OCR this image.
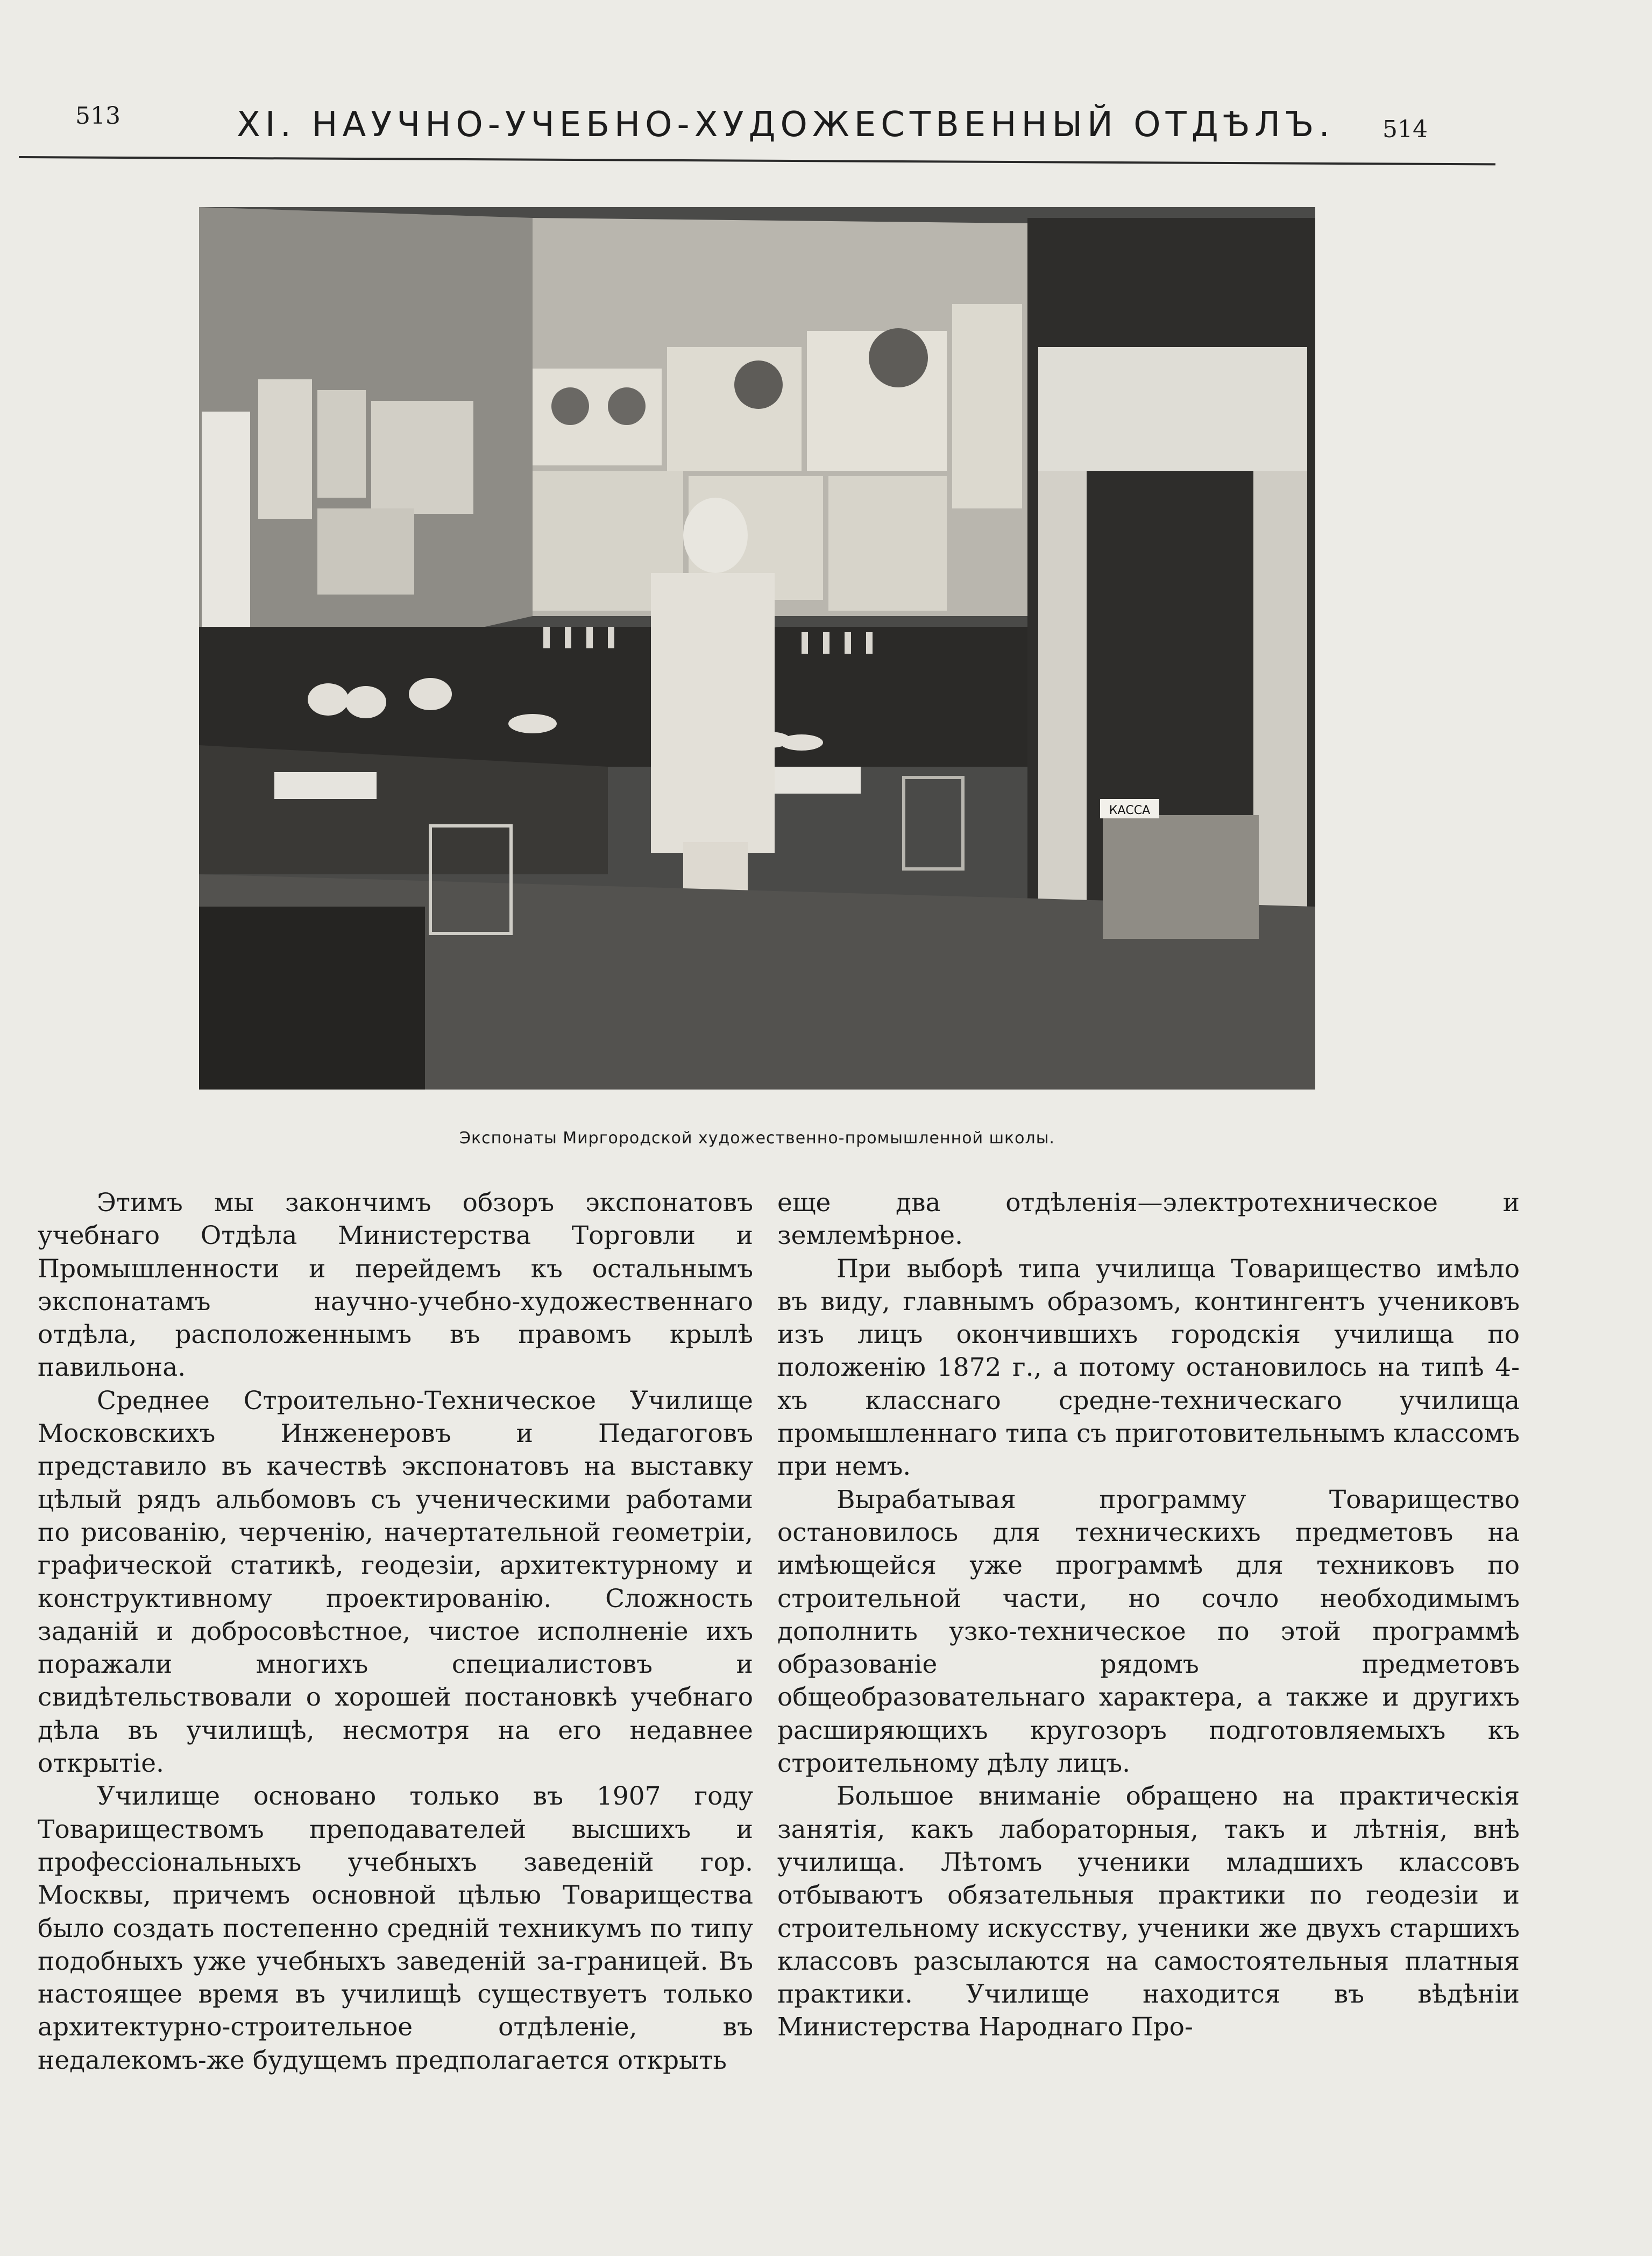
513	XI. НАУЧНО-УЧЕБНО-ХУДОЖЕСТВЕННЫЙ ОТДѢЛЪ. 514
КАССА
Экспонаты Миргородской художественно-промышленной школы.

Этимъ мы закончимъ обзоръ экспонатовъ учебнаго Отдѣла Министерства Торговли и Промышленности и перейдемъ къ остальнымъ экспонатамъ научно-учебно-художественнаго отдѣла, расположеннымъ въ правомъ крылѣ павильона.

Среднее Строительно-Техническое Училище Московскихъ Инженеровъ и Педагоговъ представило въ качествѣ экспонатовъ на выставку цѣлый рядъ альбомовъ съ ученическими работами по рисованію, черченію, начертательной геометріи, графической статикѣ, геодезіи, архитектурному и конструктивному проектированію. Сложность заданій и добросовѣстное, чистое исполненіе ихъ поражали многихъ специалистовъ и свидѣтельствовали о хорошей постановкѣ учебнаго дѣла въ училищѣ, несмотря на его недавнее открытіе.

Училище основано только въ 1907 году Товариществомъ преподавателей высшихъ и профессіональныхъ учебныхъ заведеній гор. Москвы, причемъ основной цѣлью Товарищества было создать постепенно средній техникумъ по типу подобныхъ уже учебныхъ заведеній за-границей. Въ настоящее время въ училищѣ существуетъ только архитектурно-строительное отдѣленіе, въ недалекомъ-же будущемъ предполагается открыть

еще два отдѣленія—электротехническое и землемѣрное.

При выборѣ типа училища Товарищество имѣло въ виду, главнымъ образомъ, контингентъ учениковъ изъ лицъ окончившихъ городскія училища по положенію 1872 г., а потому остановилось на типѣ 4-хъ класснаго средне-техническаго училища промышленнаго типа съ приготовительнымъ классомъ при немъ.

Вырабатывая программу Товарищество остановилось для техническихъ предметовъ на имѣющейся уже программѣ для техниковъ по строительной части, но сочло необходимымъ дополнить узко-техническое по этой программѣ образованіе рядомъ предметовъ общеобразовательнаго характера, а также и другихъ расширяющихъ кругозоръ подготовляемыхъ къ строительному дѣлу лицъ.

Большое вниманіе обращено на практическія занятія, какъ лабораторныя, такъ и лѣтнія, внѣ училища. Лѣтомъ ученики младшихъ классовъ отбываютъ обязательныя практики по геодезіи и строительному искусству, ученики же двухъ старшихъ классовъ разсылаются на самостоятельныя платныя практики. Училище находится въ вѣдѣніи Министерства Народнаго Про-
